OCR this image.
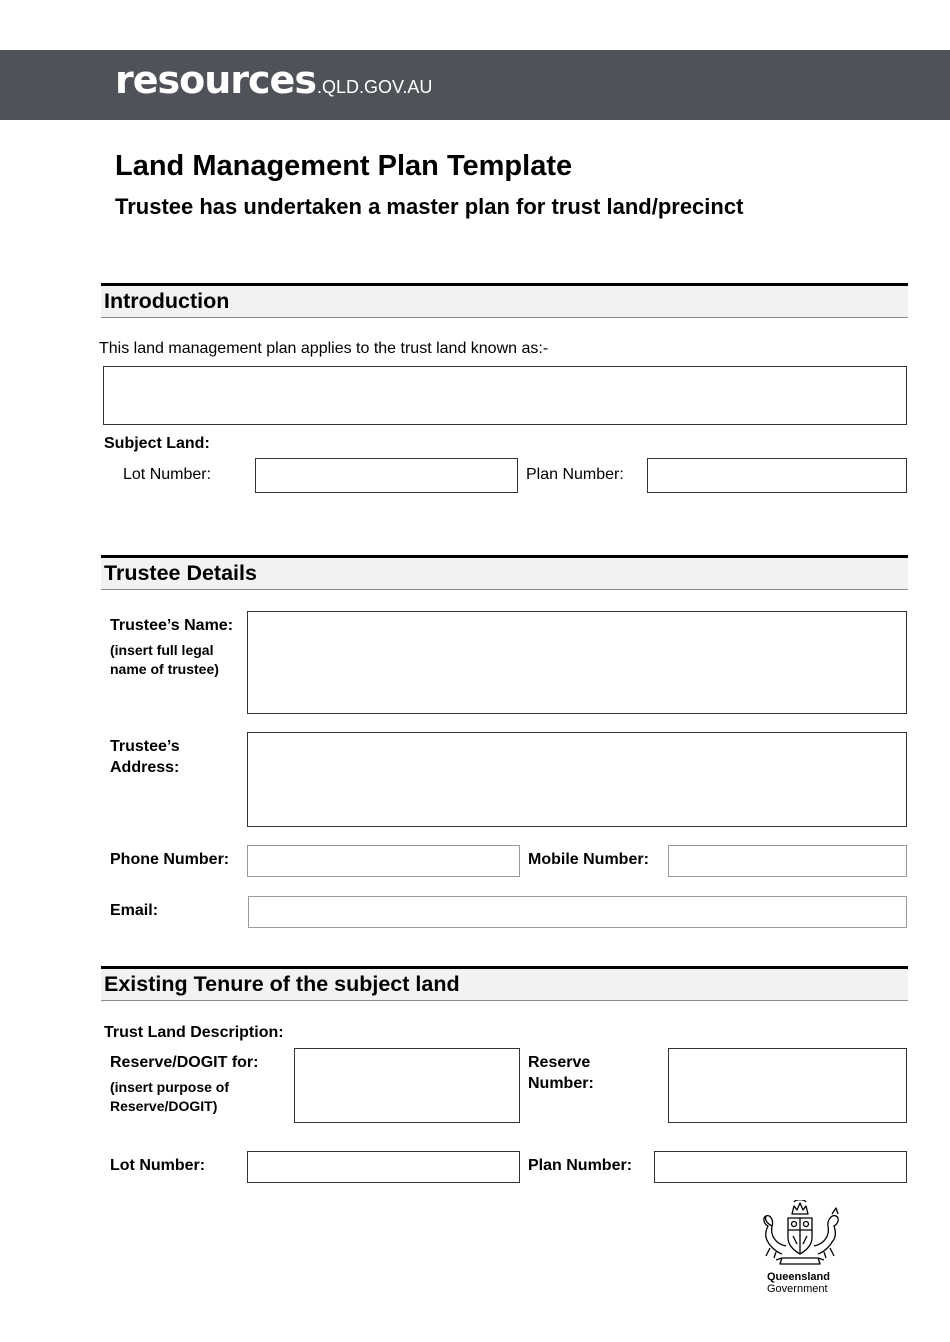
resources.QLD.GOV.AU
Land Management Plan Template
Trustee has undertaken a master plan for trust land/precinct
Introduction
This land management plan applies to the trust land known as:-
Subject Land:
Lot Number:	Plan Number:
Trustee Details
Trustee’s Name:
(insert full legal name of trustee)
Trustee’s
Address:
Phone Number:	Mobile Number:
Email:
Existing Tenure of the subject land
Trust Land Description:
Reserve/DOGIT for:
(insert purpose of Reserve/DOGIT)
Reserve
Number:
Lot Number:	Plan Number:
Queensland
Government
